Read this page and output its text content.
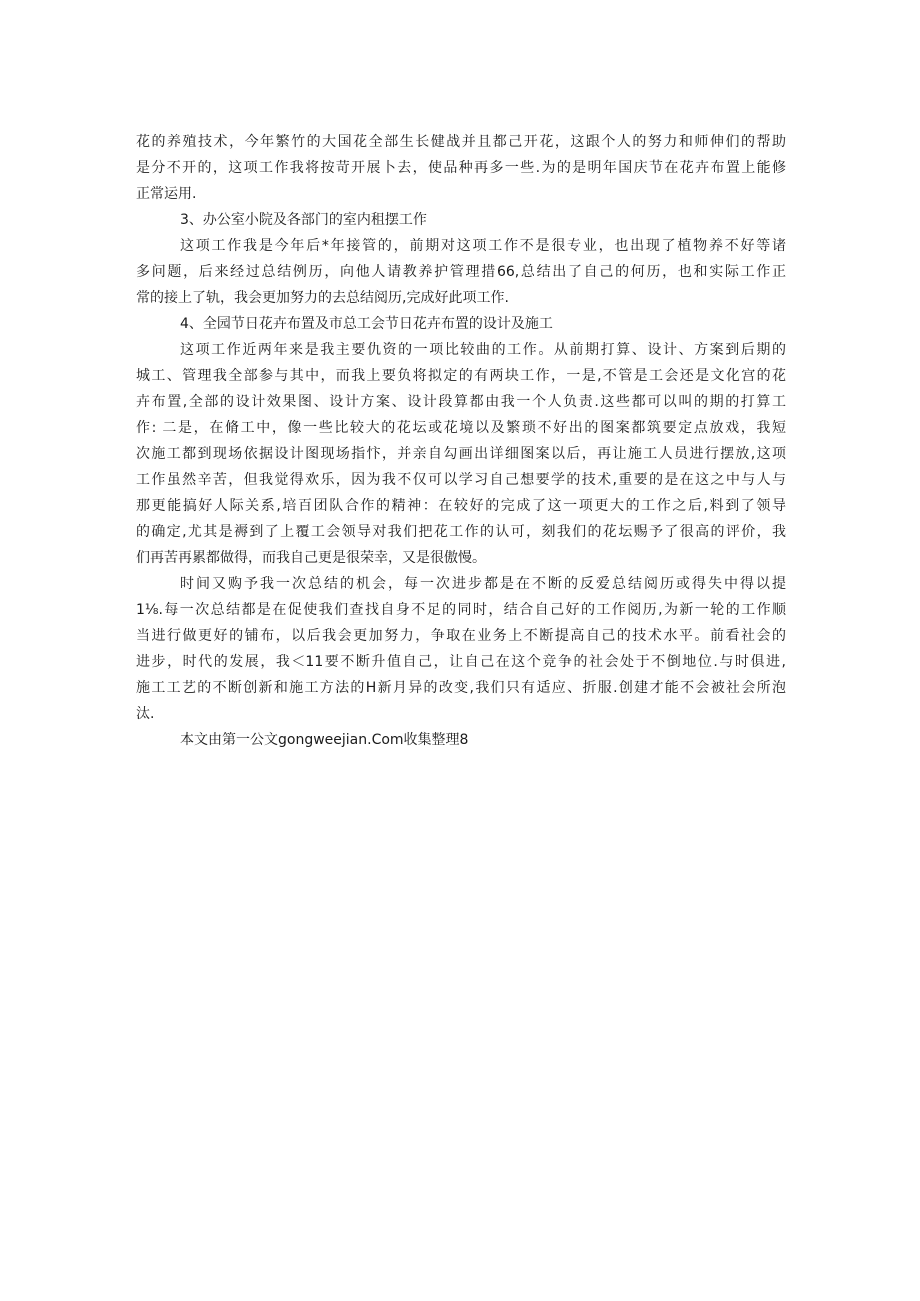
花的养殖技术，今年繁竹的大国花全部生长健战并且都己开花，这跟个人的努力和师伸们的帮助
是分不开的，这项工作我将按苛开展卜去，使品种再多一些.为的是明年国庆节在花卉布置上能修
正常运用.
3、办公室小院及各部门的室内租摆工作
这项工作我是今年后*年接管的，前期对这项工作不是很专业，也出现了植物养不好等诸
多问题，后来经过总结例历，向他人请教养护管理措66,总结出了自己的何历，也和实际工作正
常的接上了轨，我会更加努力的去总结阅历,完成好此项工作.
4、全园节日花卉布置及市总工会节日花卉布置的设计及施工
这项工作近两年来是我主要仇资的一项比较曲的工作。从前期打算、设计、方案到后期的
城工、管理我全部参与其中，而我上要负将拟定的有两块工作，一是,不管是工会还是文化宫的花
卉布置,全部的设计效果图、设计方案、设计段算都由我一个人负责.这些都可以叫的期的打算工
作: 二是，在脩工中，像一些比较大的花坛或花境以及繁琐不好出的图案都筑要定点放戏，我短
次施工都到现场依据设计图现场指忭，并亲自勾画出详细图案以后，再让施工人员进行摆放,这项
工作虽然辛苦，但我觉得欢乐，因为我不仅可以学习自己想要学的技术,重要的是在这之中与人与
那更能搞好人际关系,培百团队合作的精神：在较好的完成了这一项更大的工作之后,料到了领导
的确定,尤其是褥到了上覆工会领导对我们把花工作的认可，刻我们的花坛赐予了很高的评价，我
们再苦再累都做得，而我自己更是很荣幸，又是很傲慢。
时间又购予我一次总结的机会，每一次进步都是在不断的反爱总结阅历或得失中得以提
1⅛.每一次总结都是在促使我们查找自身不足的同时，结合自己好的工作阅历,为新一轮的工作顺
当进行做更好的铺布，以后我会更加努力，争取在业务上不断提高自己的技术水平。前看社会的
进步，时代的发展，我＜11要不断升值自己，让自己在这个竞争的社会处于不倒地位.与时俱进,
施工工艺的不断创新和施工方法的H新月异的改变,我们只有适应、折服.创建才能不会被社会所泡
汰.
本文由第一公文gongweejian.Com收集整理8
